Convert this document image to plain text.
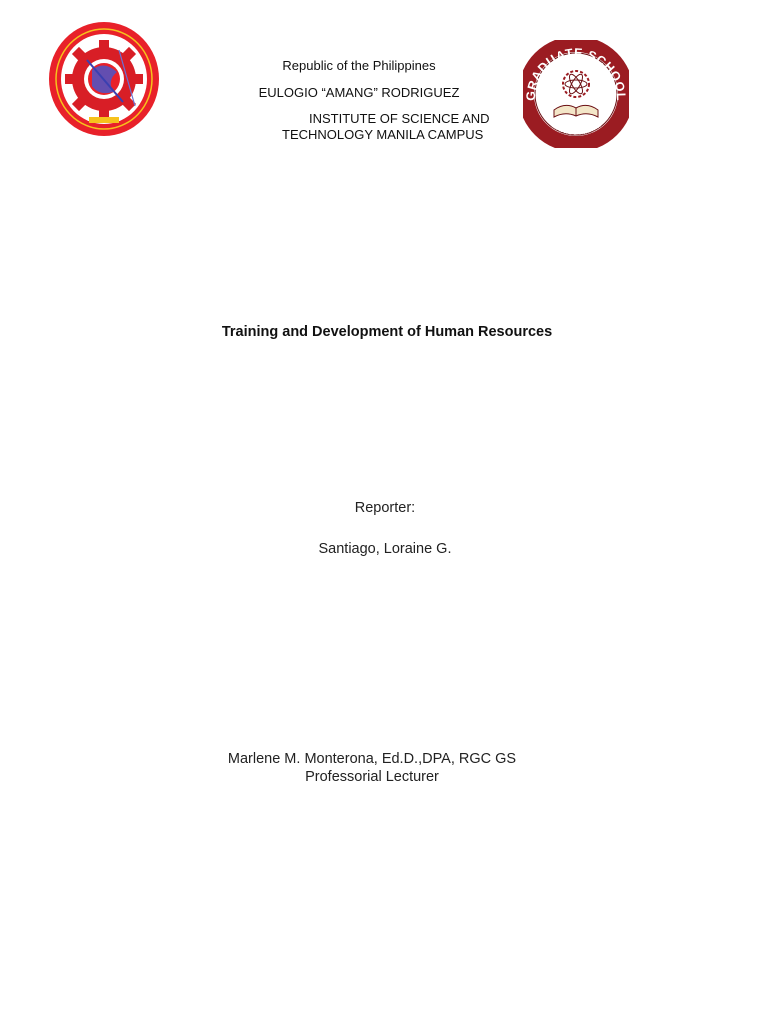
GRADUATE SCHOOL
EARIST Manila
Republic of the Philippines
EULOGIO “AMANG” RODRIGUEZ
INSTITUTE OF SCIENCE AND
TECHNOLOGY MANILA CAMPUS
Training and Development of Human Resources
Reporter:
Santiago, Loraine G.
Marlene M. Monterona, Ed.D.,DPA, RGC GS
Professorial Lecturer
